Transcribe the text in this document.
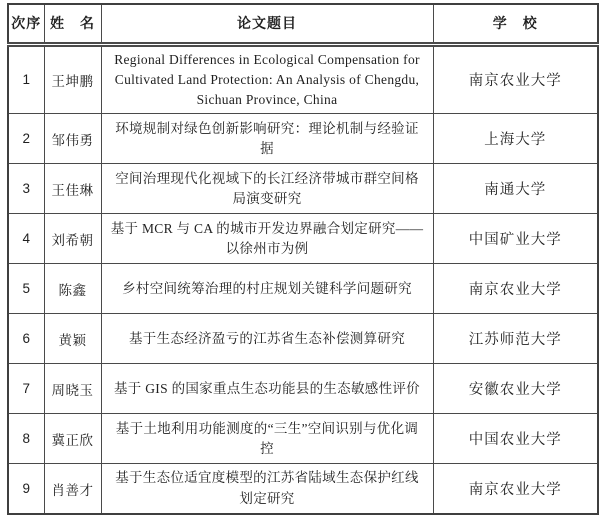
次序	姓　名	论文题目	学　校
1	王坤鹏	Regional Differences in Ecological Compensation for Cultivated Land Protection: An Analysis of Chengdu, Sichuan Province, China	南京农业大学
2	邹伟勇	环境规制对绿色创新影响研究：理论机制与经验证据	上海大学
3	王佳琳	空间治理现代化视域下的长江经济带城市群空间格局演变研究	南通大学
4	刘希朝	基于 MCR 与 CA 的城市开发边界融合划定研究——以徐州市为例	中国矿业大学
5	陈鑫	乡村空间统筹治理的村庄规划关键科学问题研究	南京农业大学
6	黄颖	基于生态经济盈亏的江苏省生态补偿测算研究	江苏师范大学
7	周晓玉	基于 GIS 的国家重点生态功能县的生态敏感性评价	安徽农业大学
8	冀正欣	基于土地利用功能测度的“三生”空间识别与优化调控	中国农业大学
9	肖善才	基于生态位适宜度模型的江苏省陆域生态保护红线划定研究	南京农业大学
